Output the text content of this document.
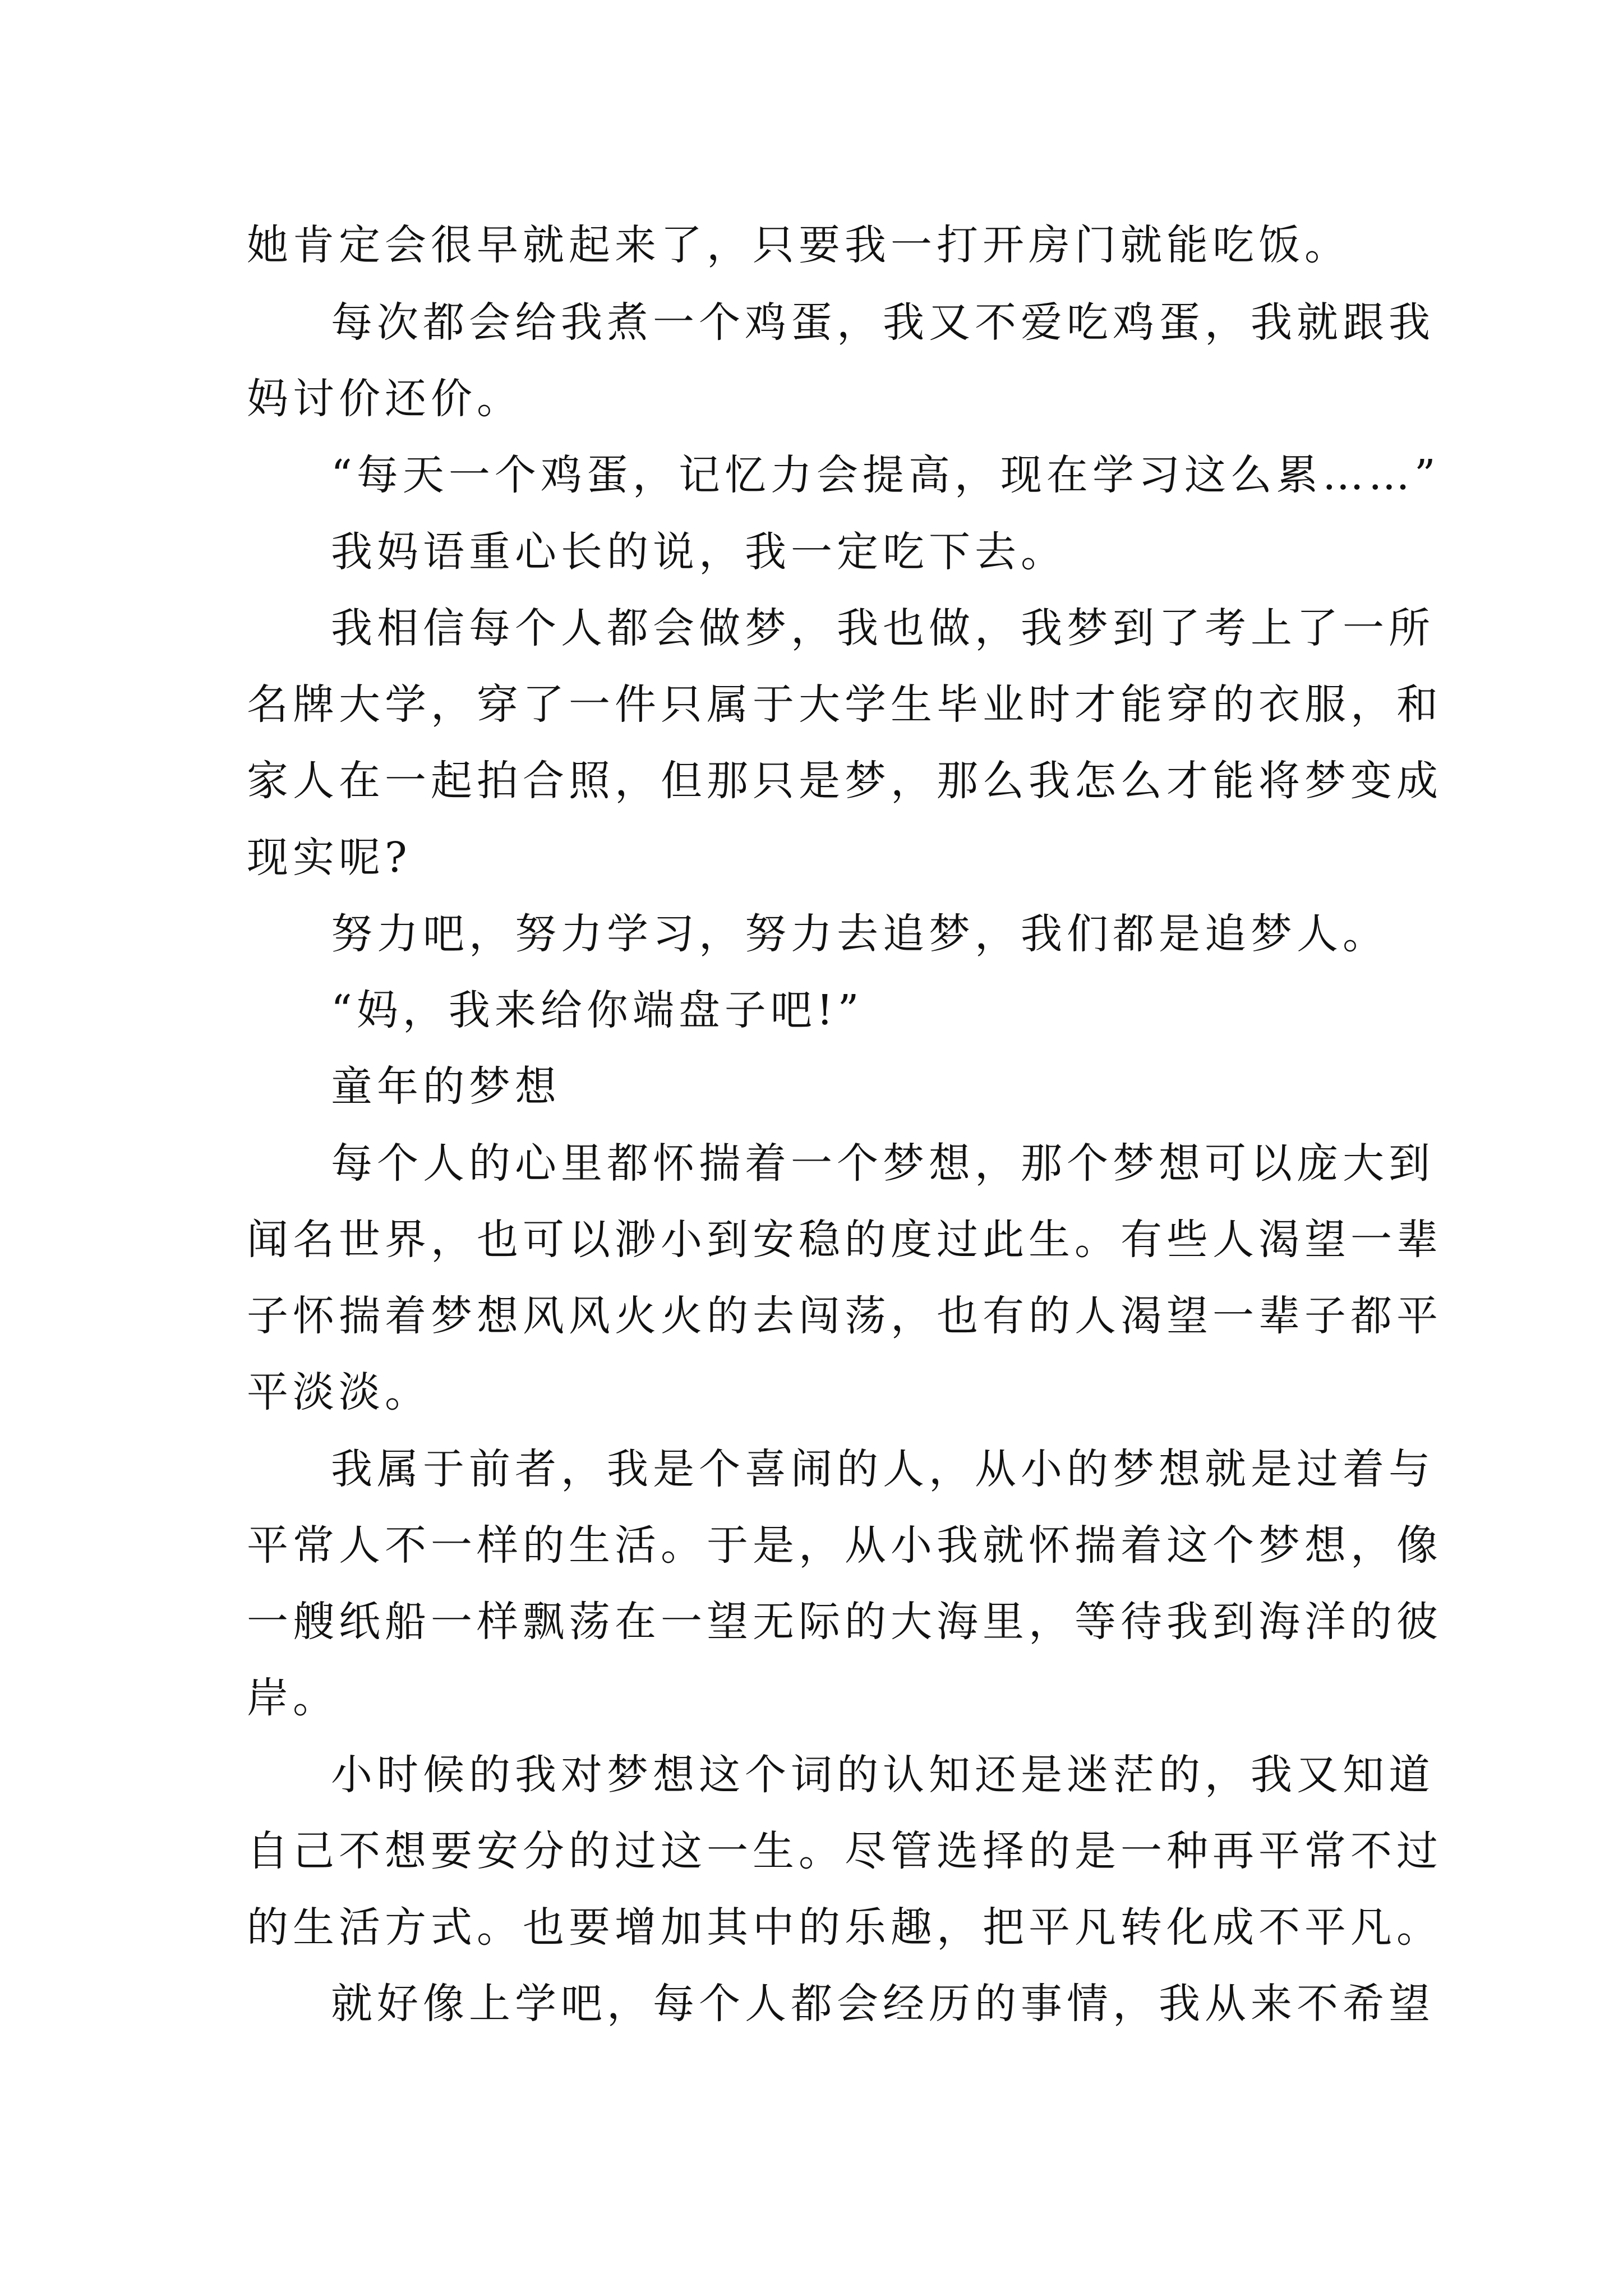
她肯定会很早就起来了，只要我一打开房门就能吃饭。
每次都会给我煮一个鸡蛋，我又不爱吃鸡蛋，我就跟我
妈讨价还价。
“每天一个鸡蛋，记忆力会提高，现在学习这么累……”
我妈语重心长的说，我一定吃下去。
我相信每个人都会做梦，我也做，我梦到了考上了一所
名牌大学，穿了一件只属于大学生毕业时才能穿的衣服，和
家人在一起拍合照，但那只是梦，那么我怎么才能将梦变成
现实呢?
努力吧，努力学习，努力去追梦，我们都是追梦人。
“妈，我来给你端盘子吧!”
童年的梦想
每个人的心里都怀揣着一个梦想，那个梦想可以庞大到
闻名世界，也可以渺小到安稳的度过此生。有些人渴望一辈
子怀揣着梦想风风火火的去闯荡，也有的人渴望一辈子都平
平淡淡。
我属于前者，我是个喜闹的人，从小的梦想就是过着与
平常人不一样的生活。于是，从小我就怀揣着这个梦想，像
一艘纸船一样飘荡在一望无际的大海里，等待我到海洋的彼
岸。
小时候的我对梦想这个词的认知还是迷茫的，我又知道
自己不想要安分的过这一生。尽管选择的是一种再平常不过
的生活方式。也要增加其中的乐趣，把平凡转化成不平凡。
就好像上学吧，每个人都会经历的事情，我从来不希望
